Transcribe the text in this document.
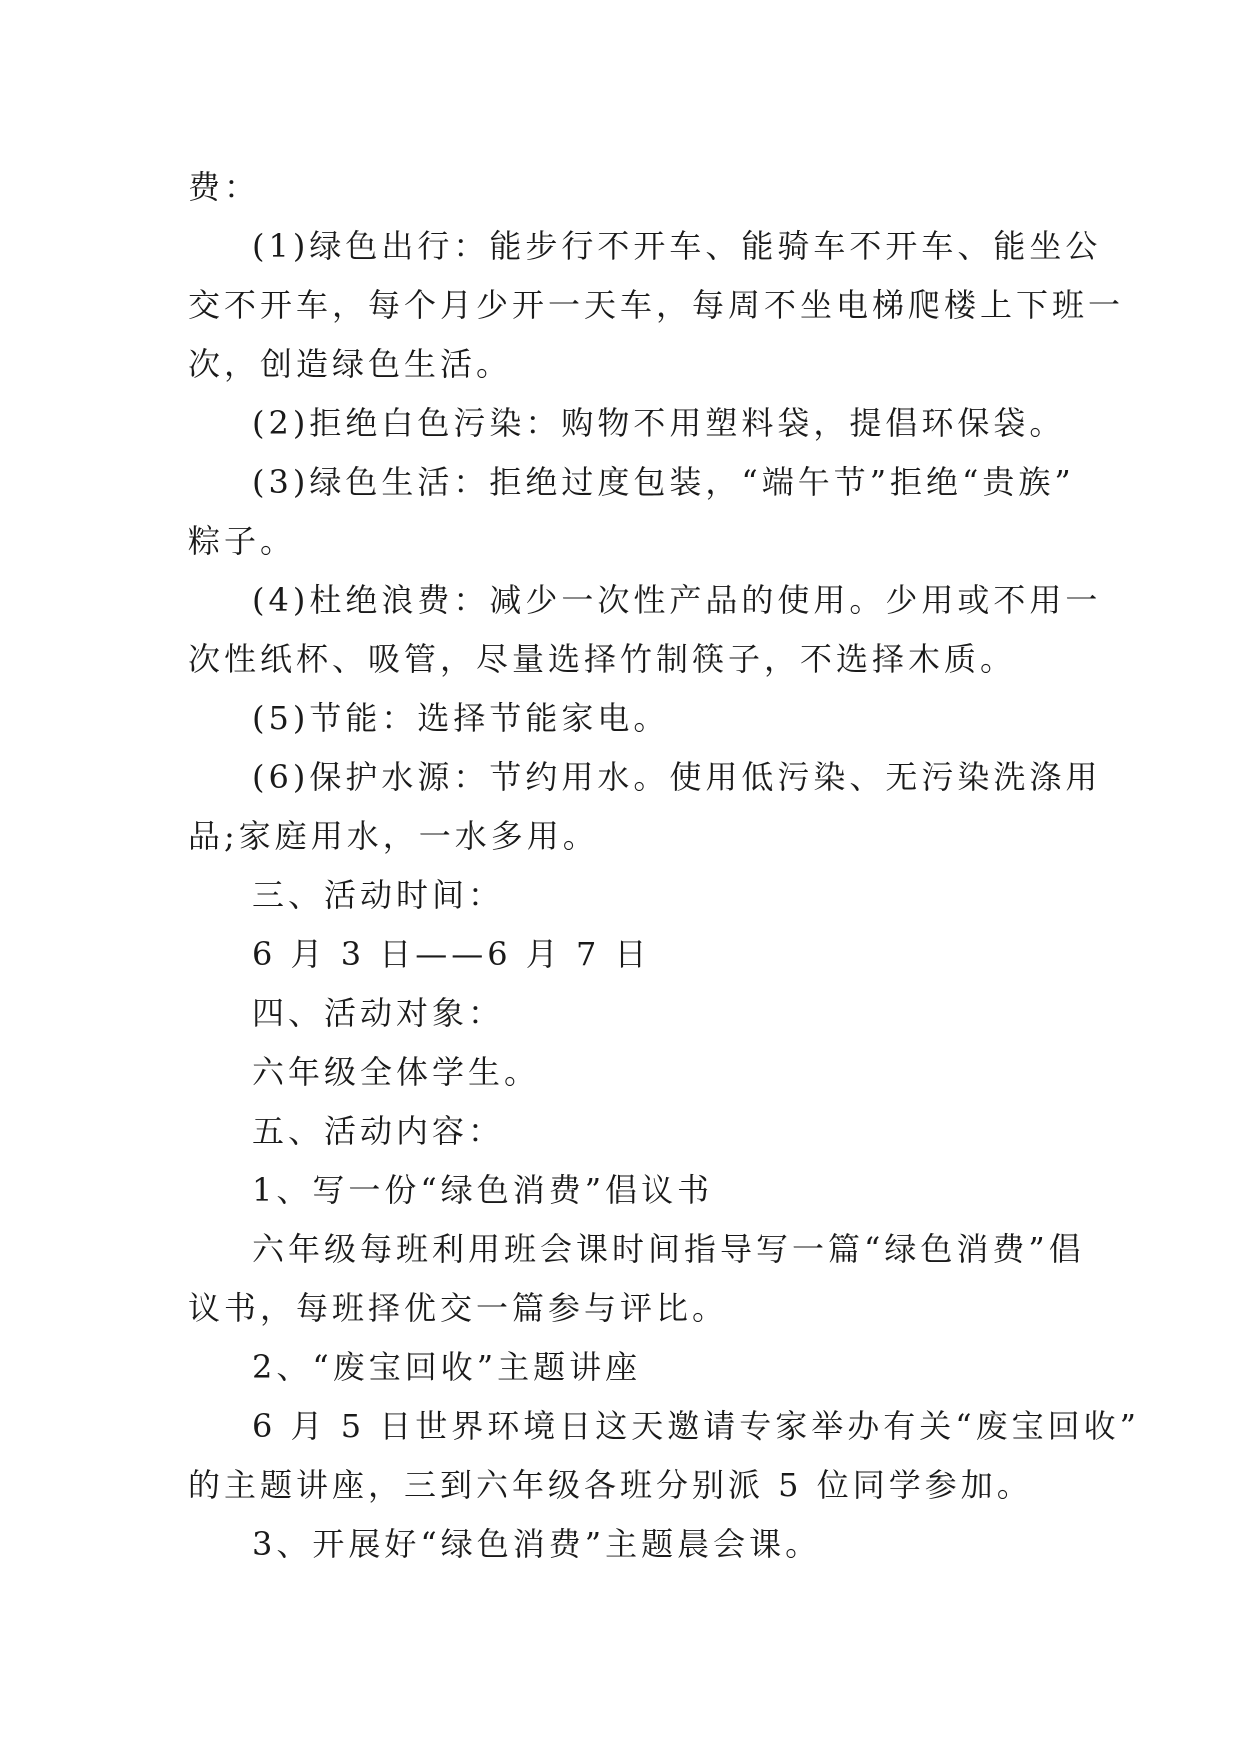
费：
(1)绿色出行：能步行不开车、能骑车不开车、能坐公
交不开车，每个月少开一天车，每周不坐电梯爬楼上下班一
次，创造绿色生活。
(2)拒绝白色污染：购物不用塑料袋，提倡环保袋。
(3)绿色生活：拒绝过度包装，“端午节”拒绝“贵族”
粽子。
(4)杜绝浪费：减少一次性产品的使用。少用或不用一
次性纸杯、吸管，尽量选择竹制筷子，不选择木质。
(5)节能：选择节能家电。
(6)保护水源：节约用水。使用低污染、无污染洗涤用
品;家庭用水，一水多用。
三、活动时间：
6 月 3 日——6 月 7 日
四、活动对象：
六年级全体学生。
五、活动内容：
1、写一份“绿色消费”倡议书
六年级每班利用班会课时间指导写一篇“绿色消费”倡
议书，每班择优交一篇参与评比。
2、“废宝回收”主题讲座
6 月 5 日世界环境日这天邀请专家举办有关“废宝回收”
的主题讲座，三到六年级各班分别派 5 位同学参加。
3、开展好“绿色消费”主题晨会课。
